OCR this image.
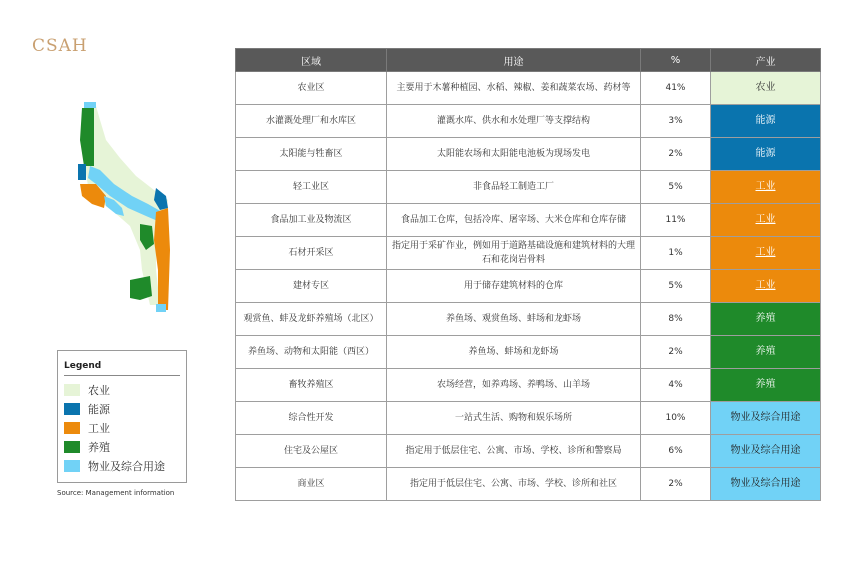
CSAH
Legend
农业
能源
工业
养殖
物业及综合用途
Source: Management information
区域	用途	%	产业
农业区	主要用于木薯种植园、水稻、辣椒、姜和蔬菜农场、药材等	41%	农业
水灌溉处理厂和水库区	灌溉水库、供水和水处理厂等支撑结构	3%	能源
太阳能与牲畜区	太阳能农场和太阳能电池板为现场发电	2%	能源
轻工业区	非食品轻工制造工厂	5%	工业
食品加工业及物流区	食品加工仓库，包括冷库、屠宰场、大米仓库和仓库存储	11%	工业
石材开采区	指定用于采矿作业，例如用于道路基础设施和建筑材料的大理石和花岗岩骨料	1%	工业
建材专区	用于储存建筑材料的仓库	5%	工业
观赏鱼、蚌及龙虾养殖场（北区）	养鱼场、观赏鱼场、蚌场和龙虾场	8%	养殖
养鱼场、动物和太阳能（西区）	养鱼场、蚌场和龙虾场	2%	养殖
畜牧养殖区	农场经营，如养鸡场、养鸭场、山羊场	4%	养殖
综合性开发	一站式生活、购物和娱乐场所	10%	物业及综合用途
住宅及公屋区	指定用于低层住宅、公寓、市场、学校、诊所和警察局	6%	物业及综合用途
商业区	指定用于低层住宅、公寓、市场、学校、诊所和社区	2%	物业及综合用途
